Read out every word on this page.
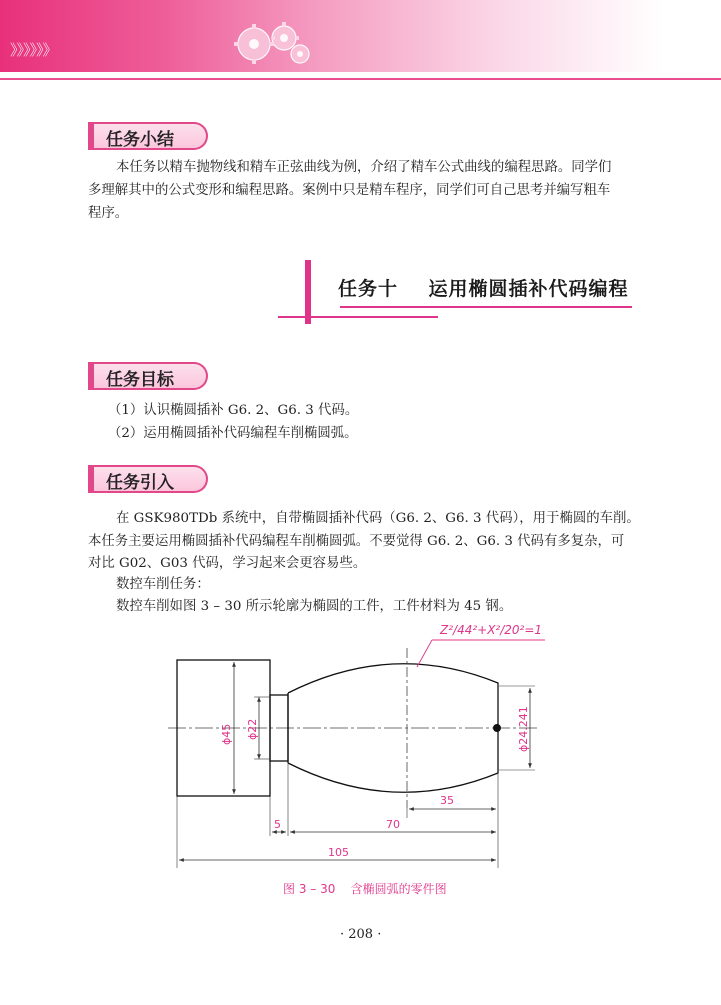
》》》》》》
任务小结
本任务以精车抛物线和精车正弦曲线为例，介绍了精车公式曲线的编程思路。同学们
多理解其中的公式变形和编程思路。案例中只是精车程序，同学们可自己思考并编写粗车
程序。
任务十    运用椭圆插补代码编程
任务目标
（1）认识椭圆插补 G6. 2、G6. 3 代码。
（2）运用椭圆插补代码编程车削椭圆弧。
任务引入
在 GSK980TDb 系统中，自带椭圆插补代码（G6. 2、G6. 3 代码），用于椭圆的车削。
本任务主要运用椭圆插补代码编程车削椭圆弧。不要觉得 G6. 2、G6. 3 代码有多复杂，可
对比 G02、G03 代码，学习起来会更容易些。
数控车削任务：
数控车削如图 3 – 30 所示轮廓为椭圆的工件，工件材料为 45 钢。
Z²/44²+X²/20²=1
ϕ45 ϕ22	ϕ24.241
35
5	70
105
图 3 – 30    含椭圆弧的零件图
· 208 ·
